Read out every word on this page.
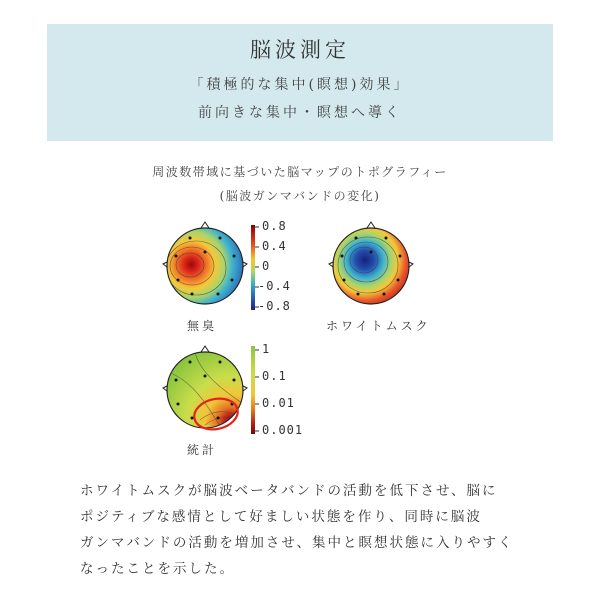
脳波測定
「積極的な集中(瞑想)効果」
前向きな集中・瞑想へ導く
周波数帯域に基づいた脳マップのトポグラフィー
(脳波ガンマバンドの変化)
0.8
0.4
0
-0.4
-0.8
1
0.1
0.01
0.001
無臭	ホワイトムスク
統計
ホワイトムスクが脳波ベータバンドの活動を低下させ、脳に
ポジティブな感情として好ましい状態を作り、同時に脳波
ガンマバンドの活動を増加させ、集中と瞑想状態に入りやすく
なったことを示した。
